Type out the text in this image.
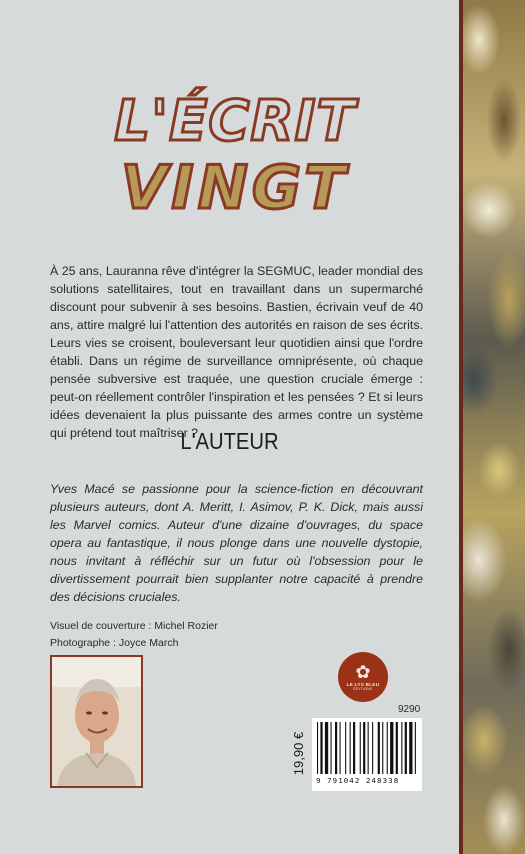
L'ÉCRIT
VINGT

À 25 ans, Lauranna rêve d'intégrer la SEGMUC, leader mondial des solutions satellitaires, tout en travaillant dans un supermarché discount pour subvenir à ses besoins. Bastien, écrivain veuf de 40 ans, attire malgré lui l'attention des autorités en raison de ses écrits. Leurs vies se croisent, bouleversant leur quotidien ainsi que l'ordre établi. Dans un régime de surveillance omniprésente, où chaque pensée subversive est traquée, une question cruciale émerge : peut-on réellement contrôler l'inspiration et les pensées ? Et si leurs idées devenaient la plus puissante des armes contre un système qui prétend tout maîtriser ?

L'AUTEUR

Yves Macé se passionne pour la science-fiction en découvrant plusieurs auteurs, dont A. Meritt, I. Asimov, P. K. Dick, mais aussi les Marvel comics. Auteur d'une dizaine d'ouvrages, du space opera au fantastique, il nous plonge dans une nouvelle dystopie, nous invitant à réfléchir sur un futur où l'obsession pour le divertissement pourrait bien supplanter notre capacité à prendre des décisions cruciales.

Visuel de couverture : Michel Rozier
Photographe : Joyce March
✿
LE LYS BLEU
ÉDITIONS
9290
19,90 €
9 791042 248338
